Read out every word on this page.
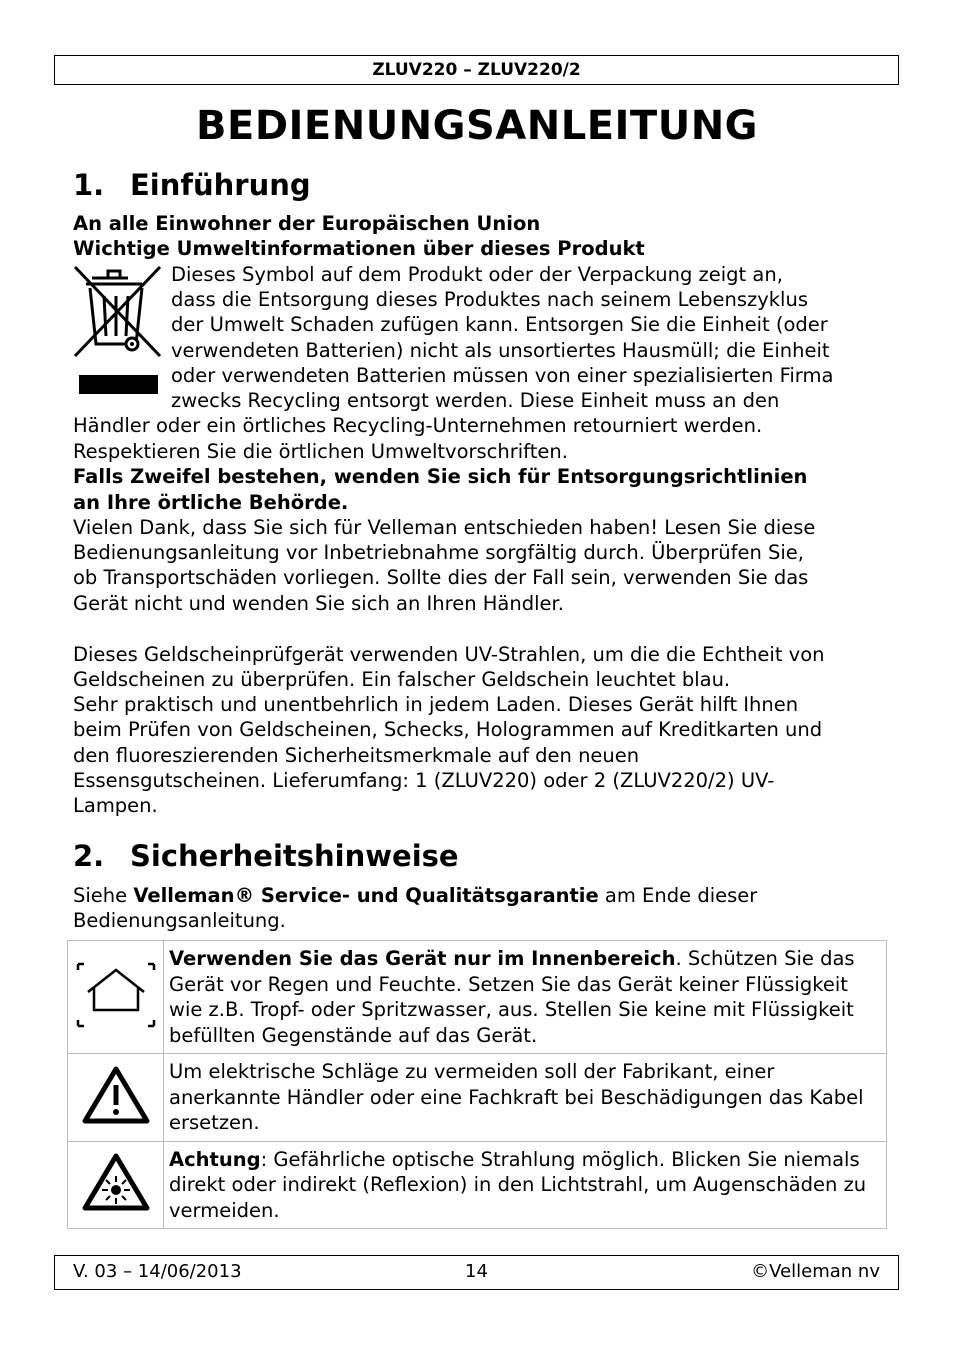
ZLUV220 – ZLUV220/2
BEDIENUNGSANLEITUNG
1. Einführung
An alle Einwohner der Europäischen Union
Wichtige Umweltinformationen über dieses Produkt
Dieses Symbol auf dem Produkt oder der Verpackung zeigt an,
dass die Entsorgung dieses Produktes nach seinem Lebenszyklus
der Umwelt Schaden zufügen kann. Entsorgen Sie die Einheit (oder
verwendeten Batterien) nicht als unsortiertes Hausmüll; die Einheit
oder verwendeten Batterien müssen von einer spezialisierten Firma
zwecks Recycling entsorgt werden. Diese Einheit muss an den
Händler oder ein örtliches Recycling-Unternehmen retourniert werden.
Respektieren Sie die örtlichen Umweltvorschriften.
Falls Zweifel bestehen, wenden Sie sich für Entsorgungsrichtlinien
an Ihre örtliche Behörde.
Vielen Dank, dass Sie sich für Velleman entschieden haben! Lesen Sie diese
Bedienungsanleitung vor Inbetriebnahme sorgfältig durch. Überprüfen Sie,
ob Transportschäden vorliegen. Sollte dies der Fall sein, verwenden Sie das
Gerät nicht und wenden Sie sich an Ihren Händler.
Dieses Geldscheinprüfgerät verwenden UV-Strahlen, um die die Echtheit von
Geldscheinen zu überprüfen. Ein falscher Geldschein leuchtet blau.
Sehr praktisch und unentbehrlich in jedem Laden. Dieses Gerät hilft Ihnen
beim Prüfen von Geldscheinen, Schecks, Hologrammen auf Kreditkarten und
den fluoreszierenden Sicherheitsmerkmale auf den neuen
Essensgutscheinen. Lieferumfang: 1 (ZLUV220) oder 2 (ZLUV220/2) UV-
Lampen.
2. Sicherheitshinweise
Siehe Velleman® Service- und Qualitätsgarantie am Ende dieser
Bedienungsanleitung.
	Verwenden Sie das Gerät nur im Innenbereich. Schützen Sie das Gerät vor Regen und Feuchte. Setzen Sie das Gerät keiner Flüssigkeit wie z.B. Tropf- oder Spritzwasser, aus. Stellen Sie keine mit Flüssigkeit befüllten Gegenstände auf das Gerät.
	Um elektrische Schläge zu vermeiden soll der Fabrikant, einer anerkannte Händler oder eine Fachkraft bei Beschädigungen das Kabel ersetzen.
	Achtung: Gefährliche optische Strahlung möglich. Blicken Sie niemals direkt oder indirekt (Reflexion) in den Lichtstrahl, um Augenschäden zu vermeiden.
V. 03 – 14/06/2013	14	©Velleman nv
